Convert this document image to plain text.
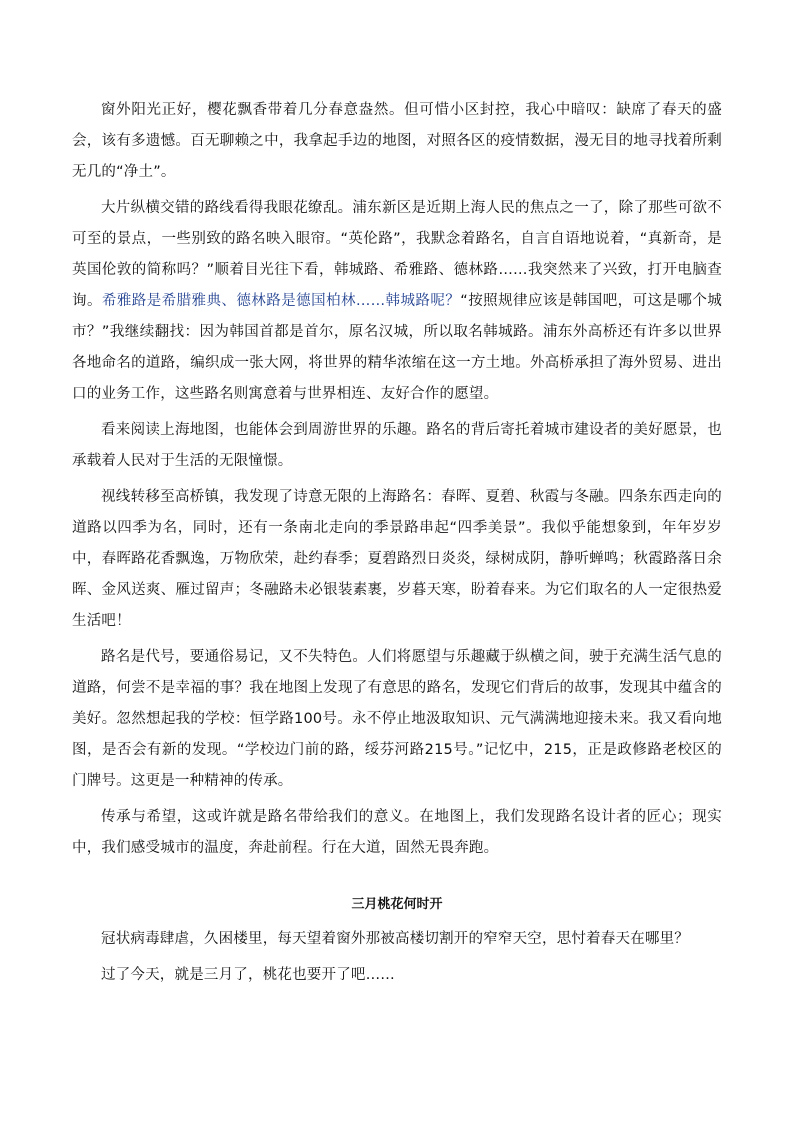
窗外阳光正好，樱花飘香带着几分春意盎然。但可惜小区封控，我心中暗叹：缺席了春天的盛会，该有多遗憾。百无聊赖之中，我拿起手边的地图，对照各区的疫情数据，漫无目的地寻找着所剩无几的“净土”。

大片纵横交错的路线看得我眼花缭乱。浦东新区是近期上海人民的焦点之一了，除了那些可欲不可至的景点，一些别致的路名映入眼帘。“英伦路”，我默念着路名，自言自语地说着，“真新奇，是英国伦敦的简称吗？”顺着目光往下看，韩城路、希雅路、德林路……我突然来了兴致，打开电脑查询。希雅路是希腊雅典、德林路是德国柏林……韩城路呢？“按照规律应该是韩国吧，可这是哪个城市？”我继续翻找：因为韩国首都是首尔，原名汉城，所以取名韩城路。浦东外高桥还有许多以世界各地命名的道路，编织成一张大网，将世界的精华浓缩在这一方土地。外高桥承担了海外贸易、进出口的业务工作，这些路名则寓意着与世界相连、友好合作的愿望。

看来阅读上海地图，也能体会到周游世界的乐趣。路名的背后寄托着城市建设者的美好愿景，也承载着人民对于生活的无限憧憬。

视线转移至高桥镇，我发现了诗意无限的上海路名：春晖、夏碧、秋霞与冬融。四条东西走向的道路以四季为名，同时，还有一条南北走向的季景路串起“四季美景”。我似乎能想象到，年年岁岁中，春晖路花香飘逸，万物欣荣，赴约春季；夏碧路烈日炎炎，绿树成阴，静听蝉鸣；秋霞路落日余晖、金风送爽、雁过留声；冬融路未必银装素裹，岁暮天寒，盼着春来。为它们取名的人一定很热爱生活吧！

路名是代号，要通俗易记，又不失特色。人们将愿望与乐趣藏于纵横之间，驶于充满生活气息的道路，何尝不是幸福的事？我在地图上发现了有意思的路名，发现它们背后的故事，发现其中蕴含的美好。忽然想起我的学校：恒学路100号。永不停止地汲取知识、元气满满地迎接未来。我又看向地图，是否会有新的发现。“学校边门前的路，绥芬河路215号。”记忆中，215，正是政修路老校区的门牌号。这更是一种精神的传承。

传承与希望，这或许就是路名带给我们的意义。在地图上，我们发现路名设计者的匠心；现实中，我们感受城市的温度，奔赴前程。行在大道，固然无畏奔跑。

三月桃花何时开

冠状病毒肆虐，久困楼里，每天望着窗外那被高楼切割开的窄窄天空，思忖着春天在哪里？

过了今天，就是三月了，桃花也要开了吧……
